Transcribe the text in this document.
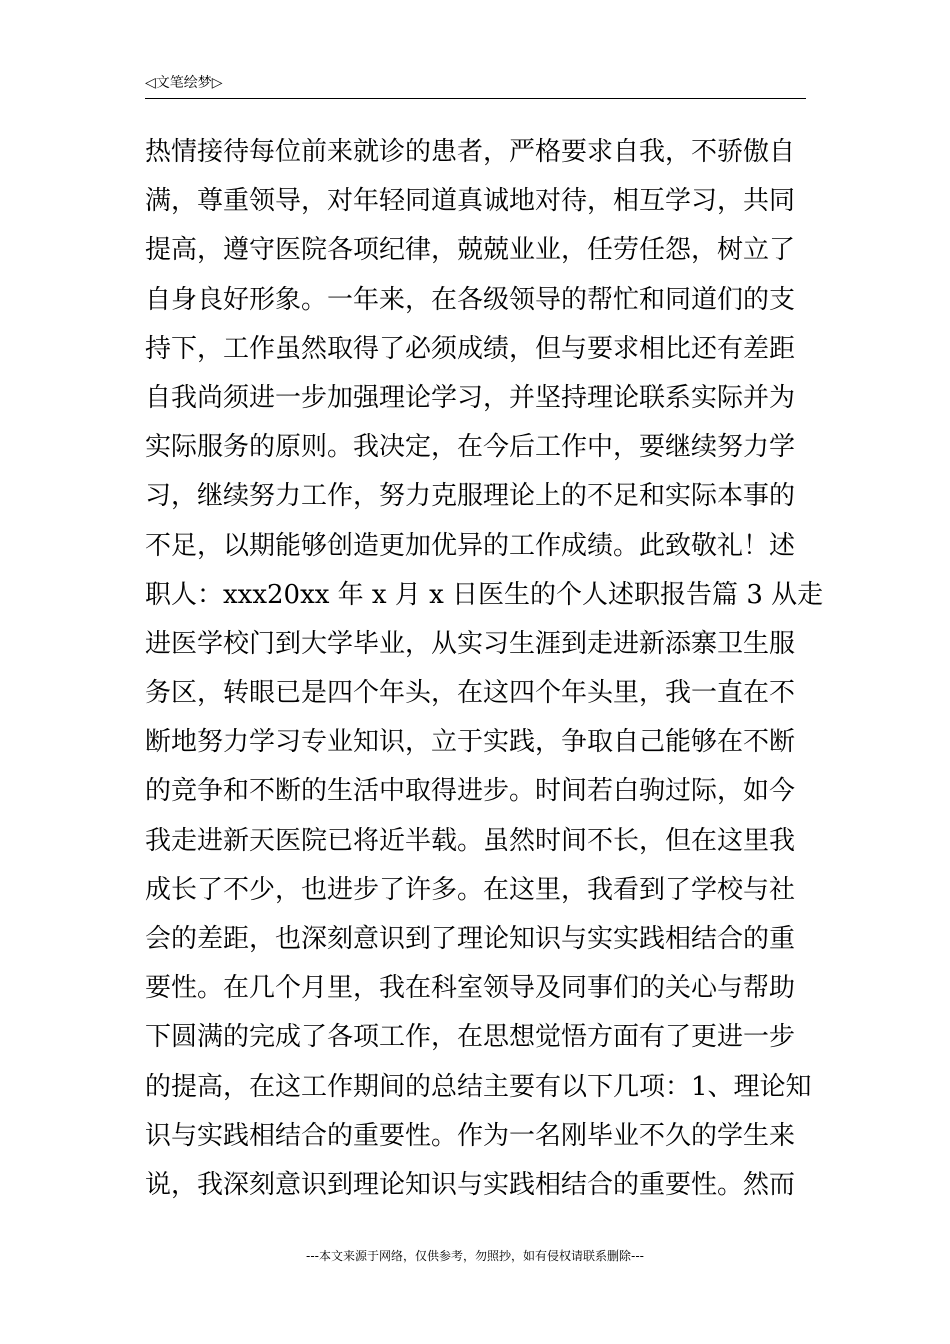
◁文笔绘梦▷
热情接待每位前来就诊的患者，严格要求自我，不骄傲自
满，尊重领导，对年轻同道真诚地对待，相互学习，共同
提高，遵守医院各项纪律，兢兢业业，任劳任怨，树立了
自身良好形象。一年来，在各级领导的帮忙和同道们的支
持下，工作虽然取得了必须成绩，但与要求相比还有差距
自我尚须进一步加强理论学习，并坚持理论联系实际并为
实际服务的原则。我决定，在今后工作中，要继续努力学
习，继续努力工作，努力克服理论上的不足和实际本事的
不足，以期能够创造更加优异的工作成绩。此致敬礼！述
职人：xxx20xx 年 x 月 x 日医生的个人述职报告篇 3 从走
进医学校门到大学毕业，从实习生涯到走进新添寨卫生服
务区，转眼已是四个年头，在这四个年头里，我一直在不
断地努力学习专业知识，立于实践，争取自己能够在不断
的竞争和不断的生活中取得进步。时间若白驹过际，如今
我走进新天医院已将近半载。虽然时间不长，但在这里我
成长了不少，也进步了许多。在这里，我看到了学校与社
会的差距，也深刻意识到了理论知识与实实践相结合的重
要性。在几个月里，我在科室领导及同事们的关心与帮助
下圆满的完成了各项工作，在思想觉悟方面有了更进一步
的提高，在这工作期间的总结主要有以下几项：1、理论知
识与实践相结合的重要性。作为一名刚毕业不久的学生来
说，我深刻意识到理论知识与实践相结合的重要性。然而
---本文来源于网络，仅供参考，勿照抄，如有侵权请联系删除---
